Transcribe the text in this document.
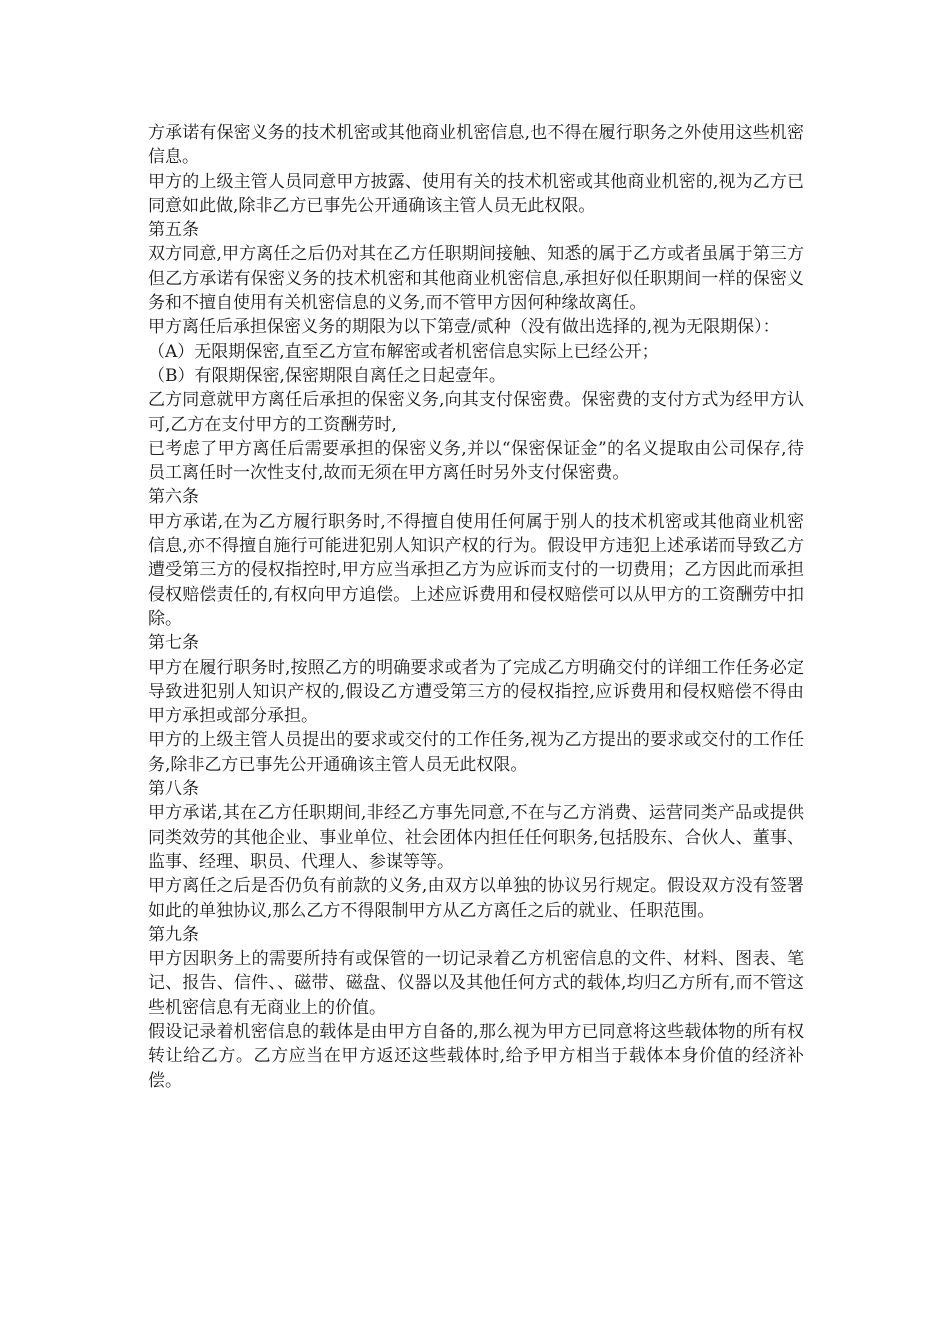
方承诺有保密义务的技术机密或其他商业机密信息,也不得在履行职务之外使用这些机密信息。

甲方的上级主管人员同意甲方披露、使用有关的技术机密或其他商业机密的,视为乙方已同意如此做,除非乙方已事先公开通确该主管人员无此权限。

第五条

双方同意,甲方离任之后仍对其在乙方任职期间接触、知悉的属于乙方或者虽属于第三方但乙方承诺有保密义务的技术机密和其他商业机密信息,承担好似任职期间一样的保密义务和不擅自使用有关机密信息的义务,而不管甲方因何种缘故离任。

甲方离任后承担保密义务的期限为以下第壹/贰种（没有做出选择的,视为无限期保）：

（A）无限期保密,直至乙方宣布解密或者机密信息实际上已经公开；

（B）有限期保密,保密期限自离任之日起壹年。

乙方同意就甲方离任后承担的保密义务,向其支付保密费。保密费的支付方式为经甲方认可,乙方在支付甲方的工资酬劳时,

已考虑了甲方离任后需要承担的保密义务,并以“保密保证金”的名义提取由公司保存,待员工离任时一次性支付,故而无须在甲方离任时另外支付保密费。

第六条

甲方承诺,在为乙方履行职务时,不得擅自使用任何属于别人的技术机密或其他商业机密信息,亦不得擅自施行可能进犯别人知识产权的行为。假设甲方违犯上述承诺而导致乙方遭受第三方的侵权指控时,甲方应当承担乙方为应诉而支付的一切费用；乙方因此而承担侵权赔偿责任的,有权向甲方追偿。上述应诉费用和侵权赔偿可以从甲方的工资酬劳中扣除。

第七条

甲方在履行职务时,按照乙方的明确要求或者为了完成乙方明确交付的详细工作任务必定导致进犯别人知识产权的,假设乙方遭受第三方的侵权指控,应诉费用和侵权赔偿不得由甲方承担或部分承担。

甲方的上级主管人员提出的要求或交付的工作任务,视为乙方提出的要求或交付的工作任务,除非乙方已事先公开通确该主管人员无此权限。

第八条

甲方承诺,其在乙方任职期间,非经乙方事先同意,不在与乙方消费、运营同类产品或提供同类效劳的其他企业、事业单位、社会团体内担任任何职务,包括股东、合伙人、董事、监事、经理、职员、代理人、参谋等等。

甲方离任之后是否仍负有前款的义务,由双方以单独的协议另行规定。假设双方没有签署如此的单独协议,那么乙方不得限制甲方从乙方离任之后的就业、任职范围。

第九条

甲方因职务上的需要所持有或保管的一切记录着乙方机密信息的文件、材料、图表、笔记、报告、信件、、磁带、磁盘、仪器以及其他任何方式的载体,均归乙方所有,而不管这些机密信息有无商业上的价值。

假设记录着机密信息的载体是由甲方自备的,那么视为甲方已同意将这些载体物的所有权转让给乙方。乙方应当在甲方返还这些载体时,给予甲方相当于载体本身价值的经济补偿。
